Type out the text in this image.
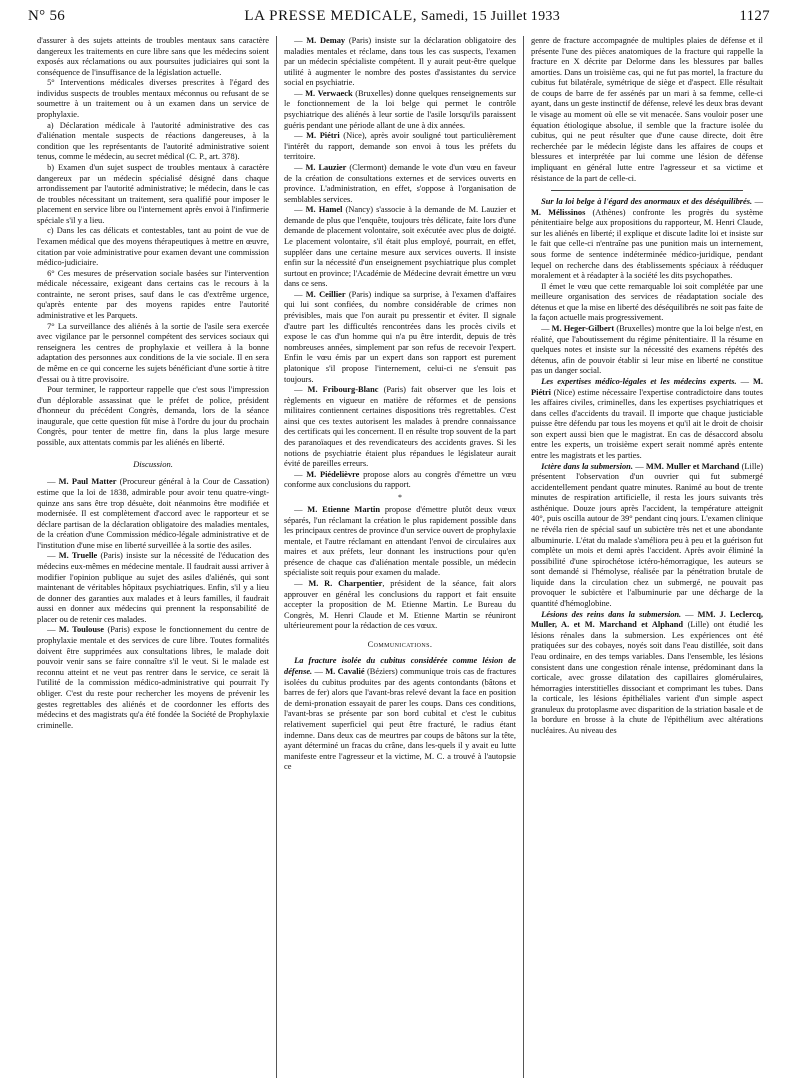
N° 56	LA PRESSE MEDICALE, Samedi, 15 Juillet 1933	1127

d'assurer à des sujets atteints de troubles mentaux sans caractère dangereux les traitements en cure libre sans que les médecins soient exposés aux réclamations ou aux poursuites judiciaires qui sont la conséquence de l'insuffisance de la législation actuelle.

5° Interventions médicales diverses prescrites à l'égard des individus suspects de troubles mentaux méconnus ou refusant de se soumettre à un traitement ou à un examen dans un service de prophylaxie.

a) Déclaration médicale à l'autorité administrative des cas d'aliénation mentale suspects de réactions dangereuses, à la condition que les représentants de l'autorité administrative soient tenus, comme le médecin, au secret médical (C. P., art. 378).

b) Examen d'un sujet suspect de troubles mentaux à caractère dangereux par un médecin spécialisé désigné dans chaque arrondissement par l'autorité administrative; le médecin, dans le cas de troubles nécessitant un traitement, sera qualifié pour imposer le placement en service libre ou l'internement après envoi à l'infirmerie spéciale s'il y a lieu.

c) Dans les cas délicats et contestables, tant au point de vue de l'examen médical que des moyens thérapeutiques à mettre en œuvre, citation par voie administrative pour examen devant une commission médico-judiciaire.

6° Ces mesures de préservation sociale basées sur l'intervention médicale nécessaire, exigeant dans certains cas le recours à la contrainte, ne seront prises, sauf dans le cas d'extrême urgence, qu'après entente par des moyens rapides entre l'autorité administrative et les Parquets.

7° La surveillance des aliénés à la sortie de l'asile sera exercée avec vigilance par le personnel compétent des services sociaux qui renseignera les centres de prophylaxie et veillera à la bonne adaptation des personnes aux conditions de la vie sociale. Il en sera de même en ce qui concerne les sujets bénéficiant d'une sortie à titre d'essai ou à titre provisoire.

Pour terminer, le rapporteur rappelle que c'est sous l'impression d'un déplorable assassinat que le préfet de police, président d'honneur du précédent Congrès, demanda, lors de la séance inaugurale, que cette question fût mise à l'ordre du jour du prochain Congrès, pour tenter de mettre fin, dans la plus large mesure possible, aux attentats commis par les aliénés en liberté.

Discussion.

— M. Paul Matter (Procureur général à la Cour de Cassation) estime que la loi de 1838, admirable pour avoir tenu quatre-vingt-quinze ans sans être trop désuète, doit néanmoins être modifiée et modernisée. Il est complètement d'accord avec le rapporteur et se déclare partisan de la déclaration obligatoire des maladies mentales, de la création d'une Commission médico-légale administrative et de l'institution d'une mise en liberté surveillée à la sortie des asiles.

— M. Truelle (Paris) insiste sur la nécessité de l'éducation des médecins eux-mêmes en médecine mentale. Il faudrait aussi arriver à modifier l'opinion publique au sujet des asiles d'aliénés, qui sont maintenant de véritables hôpitaux psychiatriques. Enfin, s'il y a lieu de donner des garanties aux malades et à leurs familles, il faudrait aussi en donner aux médecins qui prennent la responsabilité de placer ou de retenir ces malades.

— M. Toulouse (Paris) expose le fonctionnement du centre de prophylaxie mentale et des services de cure libre. Toutes formalités doivent être supprimées aux consultations libres, le malade doit pouvoir venir sans se faire connaître s'il le veut. Si le malade est reconnu atteint et ne veut pas rentrer dans le service, ce serait là l'utilité de la commission médico-administrative qui pourrait l'y obliger. C'est du reste pour rechercher les moyens de prévenir les gestes regrettables des aliénés et de coordonner les efforts des médecins et des magistrats qu'a été fondée la Société de Prophylaxie criminelle.

— M. Demay (Paris) insiste sur la déclaration obligatoire des maladies mentales et réclame, dans tous les cas suspects, l'examen par un médecin spécialiste compétent. Il y aurait peut-être quelque utilité à augmenter le nombre des postes d'assistantes du service social en psychiatrie.

— M. Verwaeck (Bruxelles) donne quelques renseignements sur le fonctionnement de la loi belge qui permet le contrôle psychiatrique des aliénés à leur sortie de l'asile lorsqu'ils paraissent guéris pendant une période allant de une à dix années.

— M. Piétri (Nice), après avoir souligné tout particulièrement l'intérêt du rapport, demande son envoi à tous les préfets du territoire.

— M. Lauzier (Clermont) demande le vote d'un vœu en faveur de la création de consultations externes et de services ouverts en province. L'administration, en effet, s'oppose à l'organisation de semblables services.

— M. Hamel (Nancy) s'associe à la demande de M. Lauzier et demande de plus que l'enquête, toujours très délicate, faite lors d'une demande de placement volontaire, soit exécutée avec plus de doigté. Le placement volontaire, s'il était plus employé, pourrait, en effet, suppléer dans une certaine mesure aux services ouverts. Il insiste enfin sur la nécessité d'un enseignement psychiatrique plus complet surtout en province; l'Académie de Médecine devrait émettre un vœu dans ce sens.

— M. Ceillier (Paris) indique sa surprise, à l'examen d'affaires qui lui sont confiées, du nombre considérable de crimes non prévisibles, mais que l'on aurait pu pressentir et éviter. Il signale d'autre part les difficultés rencontrées dans les procès civils et expose le cas d'un homme qui n'a pu être interdit, depuis de très nombreuses années, simplement par son refus de recevoir l'expert. Enfin le vœu émis par un expert dans son rapport est purement platonique s'il propose l'internement, celui-ci ne s'ensuit pas toujours.

— M. Fribourg-Blanc (Paris) fait observer que les lois et règlements en vigueur en matière de réformes et de pensions militaires contiennent certaines dispositions très regrettables. C'est ainsi que ces textes autorisent les malades à prendre connaissance des certificats qui les concernent. Il en résulte trop souvent de la part des paranoïaques et des revendicateurs des accidents graves. Si les notions de psychiatrie étaient plus répandues le législateur aurait évité de pareilles erreurs.

— M. Piédelièvre propose alors au congrès d'émettre un vœu conforme aux conclusions du rapport.

*

— M. Etienne Martin propose d'émettre plutôt deux vœux séparés, l'un réclamant la création le plus rapidement possible dans les principaux centres de province d'un service ouvert de prophylaxie mentale, et l'autre réclamant en attendant l'envoi de circulaires aux maires et aux préfets, leur donnant les instructions pour qu'en présence de chaque cas d'aliénation mentale possible, un médecin spécialiste soit requis pour examen du malade.

— M. R. Charpentier, président de la séance, fait alors approuver en général les conclusions du rapport et fait ensuite accepter la proposition de M. Etienne Martin. Le Bureau du Congrès, M. Henri Claude et M. Etienne Martin se réuniront ultérieurement pour la rédaction de ces vœux.

Communications.

La fracture isolée du cubitus considérée comme lésion de défense. — M. Cavalié (Béziers) communique trois cas de fractures isolées du cubitus produites par des agents contondants (bâtons et barres de fer) alors que l'avant-bras relevé devant la face en position de demi-pronation essayait de parer les coups. Dans ces conditions, l'avant-bras se présente par son bord cubital et c'est le cubitus relativement superficiel qui peut être fracturé, le radius étant indemne. Dans deux cas de meurtres par coups de bâtons sur la tête, ayant déterminé un fracas du crâne, dans les-quels il y avait eu lutte manifeste entre l'agresseur et la victime, M. C. a trouvé à l'autopsie ce

genre de fracture accompagnée de multiples plaies de défense et il présente l'une des pièces anatomiques de la fracture qui rappelle la fracture en X décrite par Delorme dans les blessures par balles amorties. Dans un troisième cas, qui ne fut pas mortel, la fracture du cubitus fut bilatérale, symétrique de siège et d'aspect. Elle résultait de coups de barre de fer assénés par un mari à sa femme, celle-ci ayant, dans un geste instinctif de défense, relevé les deux bras devant le visage au moment où elle se vit menacée. Sans vouloir poser une équation étiologique absolue, il semble que la fracture isolée du cubitus, qui ne peut résulter que d'une cause directe, doit être recherchée par le médecin légiste dans les affaires de coups et blessures et interprétée par lui comme une lésion de défense impliquant en général lutte entre l'agresseur et sa victime et résistance de la part de celle-ci.

Sur la loi belge à l'égard des anormaux et des déséquilibrés. — M. Mélissinos (Athènes) confronte les progrès du système pénitentiaire belge aux propositions du rapporteur, M. Henri Claude, sur les aliénés en liberté; il explique et discute ladite loi et insiste sur le fait que celle-ci n'entraîne pas une punition mais un internement, sous forme de sentence indéterminée médico-juridique, pendant lequel on recherche dans des établissements spéciaux à rééduquer moralement et à réadapter à la société les dits psychopathes.

Il émet le vœu que cette remarquable loi soit complétée par une meilleure organisation des services de réadaptation sociale des détenus et que la mise en liberté des déséquilibrés ne soit pas faite de la façon actuelle mais progressivement.

— M. Heger-Gilbert (Bruxelles) montre que la loi belge n'est, en réalité, que l'aboutissement du régime pénitentiaire. Il la résume en quelques notes et insiste sur la nécessité des examens répétés des détenus, afin de pouvoir établir si leur mise en liberté ne constitue pas un danger social.

Les expertises médico-légales et les médecins experts. — M. Piétri (Nice) estime nécessaire l'expertise contradictoire dans toutes les affaires civiles, criminelles, dans les expertises psychiatriques et dans celles d'accidents du travail. Il importe que chaque justiciable puisse être défendu par tous les moyens et qu'il ait le droit de choisir son expert aussi bien que le magistrat. En cas de désaccord absolu entre les experts, un troisième expert serait nommé après entente entre les magistrats et les parties.

Ictère dans la submersion. — MM. Muller et Marchand (Lille) présentent l'observation d'un ouvrier qui fut submergé accidentellement pendant quatre minutes. Ranimé au bout de trente minutes de respiration artificielle, il resta les jours suivants très asthénique. Douze jours après l'accident, la température atteignit 40°, puis oscilla autour de 39° pendant cinq jours. L'examen clinique ne révéla rien de spécial sauf un subictère très net et une abondante albuminurie. L'état du malade s'améliora peu à peu et la guérison fut complète un mois et demi après l'accident. Après avoir éliminé la possibilité d'une spirochétose ictéro-hémorragique, les auteurs se sont demandé si l'hémolyse, réalisée par la pénétration brutale de liquide dans la circulation chez un submergé, ne pouvait pas provoquer le subictère et l'albuminurie par une décharge de la quantité d'hémoglobine.

Lésions des reins dans la submersion. — MM. J. Leclercq, Muller, A. et M. Marchand et Alphand (Lille) ont étudié les lésions rénales dans la submersion. Les expériences ont été pratiquées sur des cobayes, noyés soit dans l'eau distillée, soit dans l'eau ordinaire, en des temps variables. Dans l'ensemble, les lésions consistent dans une congestion rénale intense, prédominant dans la corticale, avec grosse dilatation des capillaires glomérulaires, hémorragies interstitielles dissociant et comprimant les tubes. Dans la corticale, les lésions épithéliales varient d'un simple aspect granuleux du protoplasme avec disparition de la striation basale et de la bordure en brosse à la chute de l'épithélium avec altérations nucléaires. Au niveau des
